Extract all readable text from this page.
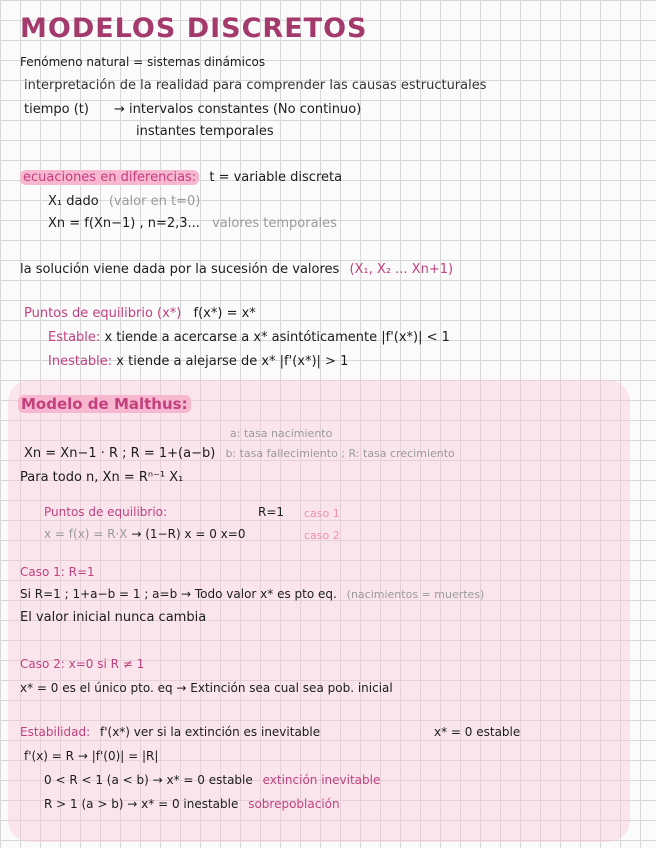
MODELOS DISCRETOS
Fenómeno natural = sistemas dinámicos
interpretación de la realidad para comprender las causas estructurales
tiempo (t) → intervalos constantes (No continuo)
instantes temporales
ecuaciones en diferencias: t = variable discreta
X₁ dado (valor en t=0)
Xn = f(Xn−1) , n=2,3... valores temporales
la solución viene dada por la sucesión de valores (X₁, X₂ ... Xn+1)
Puntos de equilibrio (x*) f(x*) = x*
Estable: x tiende a acercarse a x* asintóticamente |f'(x*)| < 1
Inestable: x tiende a alejarse de x* |f'(x*)| > 1
Modelo de Malthus:
a: tasa nacimiento
Xn = Xn−1 · R ; R = 1+(a−b) b: tasa fallecimiento ; R: tasa crecimiento
Para todo n, Xn = Rⁿ⁻¹ X₁
Puntos de equilibrio:	R=1 caso 1
x = f(x) = R·X → (1−R) x = 0 x=0	caso 2
Caso 1: R=1
Si R=1 ; 1+a−b = 1 ; a=b → Todo valor x* es pto eq. (nacimientos = muertes)
El valor inicial nunca cambia
Caso 2: x=0 si R ≠ 1
x* = 0 es el único pto. eq → Extinción sea cual sea pob. inicial
Estabilidad: f'(x*) ver si la extinción es inevitable	x* = 0 estable
f'(x) = R → |f'(0)| = |R|
0 < R < 1 (a < b) → x* = 0 estable extinción inevitable
R > 1 (a > b) → x* = 0 inestable sobrepoblación
